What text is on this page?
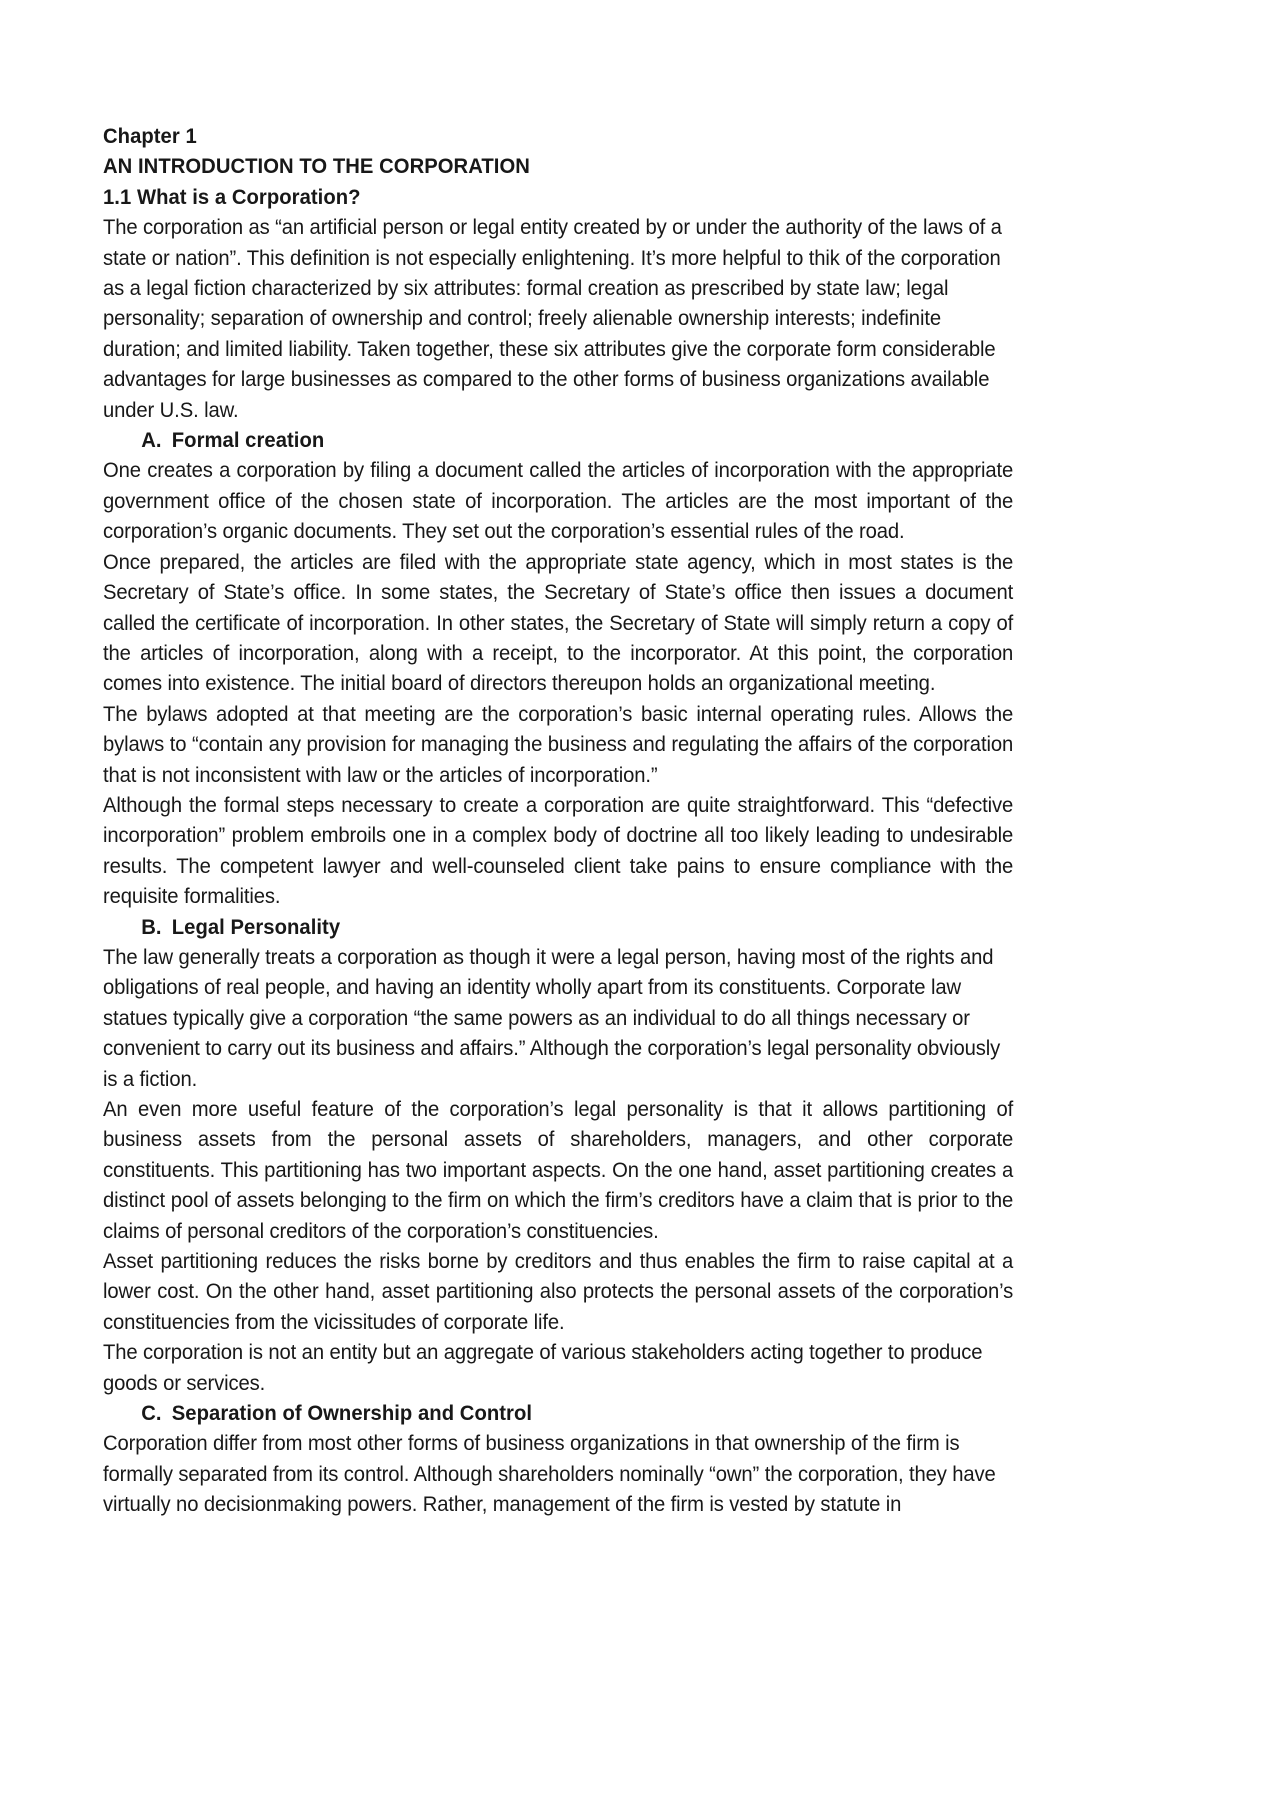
Chapter 1
AN INTRODUCTION TO THE CORPORATION
1.1 What is a Corporation?
The corporation as “an artificial person or legal entity created by or under the authority of the laws of a state or nation”. This definition is not especially enlightening. It’s more helpful to thik of the corporation as a legal fiction characterized by six attributes: formal creation as prescribed by state law; legal personality; separation of ownership and control; freely alienable ownership interests; indefinite duration; and limited liability. Taken together, these six attributes give the corporate form considerable advantages for large businesses as compared to the other forms of business organizations available under U.S. law.
A. Formal creation
One creates a corporation by filing a document called the articles of incorporation with the appropriate government office of the chosen state of incorporation. The articles are the most important of the corporation’s organic documents. They set out the corporation’s essential rules of the road.
Once prepared, the articles are filed with the appropriate state agency, which in most states is the Secretary of State’s office. In some states, the Secretary of State’s office then issues a document called the certificate of incorporation. In other states, the Secretary of State will simply return a copy of the articles of incorporation, along with a receipt, to the incorporator. At this point, the corporation comes into existence. The initial board of directors thereupon holds an organizational meeting.
The bylaws adopted at that meeting are the corporation’s basic internal operating rules. Allows the bylaws to “contain any provision for managing the business and regulating the affairs of the corporation that is not inconsistent with law or the articles of incorporation.”
Although the formal steps necessary to create a corporation are quite straightforward. This “defective incorporation” problem embroils one in a complex body of doctrine all too likely leading to undesirable results. The competent lawyer and well-counseled client take pains to ensure compliance with the requisite formalities.
B. Legal Personality
The law generally treats a corporation as though it were a legal person, having most of the rights and obligations of real people, and having an identity wholly apart from its constituents. Corporate law statues typically give a corporation “the same powers as an individual to do all things necessary or convenient to carry out its business and affairs.” Although the corporation’s legal personality obviously is a fiction.
An even more useful feature of the corporation’s legal personality is that it allows partitioning of business assets from the personal assets of shareholders, managers, and other corporate constituents. This partitioning has two important aspects. On the one hand, asset partitioning creates a distinct pool of assets belonging to the firm on which the firm’s creditors have a claim that is prior to the claims of personal creditors of the corporation’s constituencies.
Asset partitioning reduces the risks borne by creditors and thus enables the firm to raise capital at a lower cost. On the other hand, asset partitioning also protects the personal assets of the corporation’s constituencies from the vicissitudes of corporate life.
The corporation is not an entity but an aggregate of various stakeholders acting together to produce goods or services.
C. Separation of Ownership and Control
Corporation differ from most other forms of business organizations in that ownership of the firm is formally separated from its control. Although shareholders nominally “own” the corporation, they have virtually no decisionmaking powers. Rather, management of the firm is vested by statute in
